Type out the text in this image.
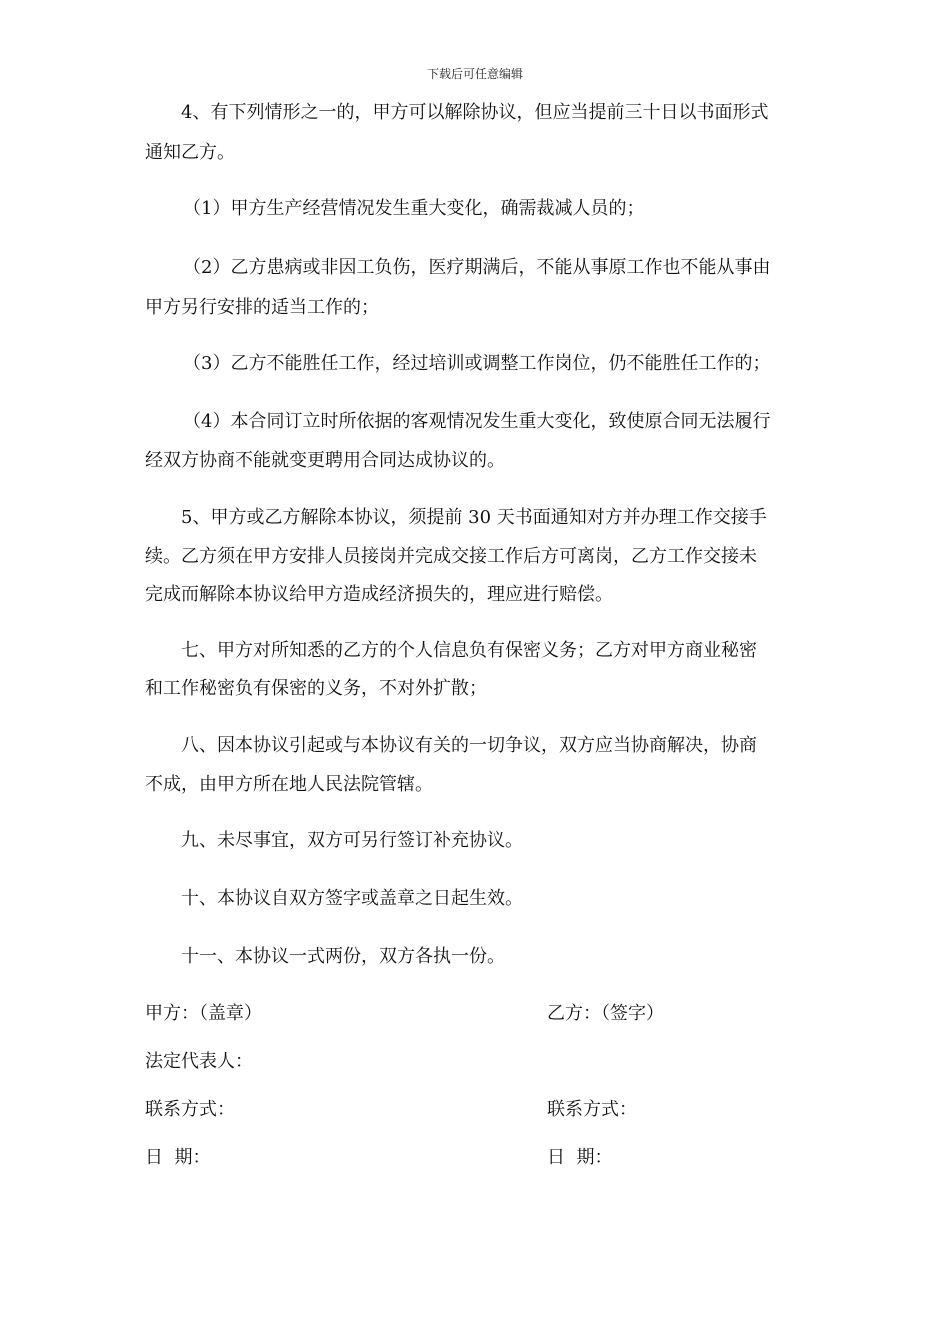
下载后可任意编辑
4、有下列情形之一的，甲方可以解除协议，但应当提前三十日以书面形式
通知乙方。
（1）甲方生产经营情况发生重大变化，确需裁减人员的；
（2）乙方患病或非因工负伤，医疗期满后，不能从事原工作也不能从事由
甲方另行安排的适当工作的；
（3）乙方不能胜任工作，经过培训或调整工作岗位，仍不能胜任工作的；
（4）本合同订立时所依据的客观情况发生重大变化，致使原合同无法履行
经双方协商不能就变更聘用合同达成协议的。
5、甲方或乙方解除本协议，须提前 30 天书面通知对方并办理工作交接手
续。乙方须在甲方安排人员接岗并完成交接工作后方可离岗，乙方工作交接未
完成而解除本协议给甲方造成经济损失的，理应进行赔偿。
七、甲方对所知悉的乙方的个人信息负有保密义务；乙方对甲方商业秘密
和工作秘密负有保密的义务，不对外扩散；
八、因本协议引起或与本协议有关的一切争议，双方应当协商解决，协商
不成，由甲方所在地人民法院管辖。
九、未尽事宜，双方可另行签订补充协议。
十、本协议自双方签字或盖章之日起生效。
十一、本协议一式两份，双方各执一份。
甲方：（盖章）	乙方：（签字）
法定代表人：
联系方式：	联系方式：
日  期：	日  期：
